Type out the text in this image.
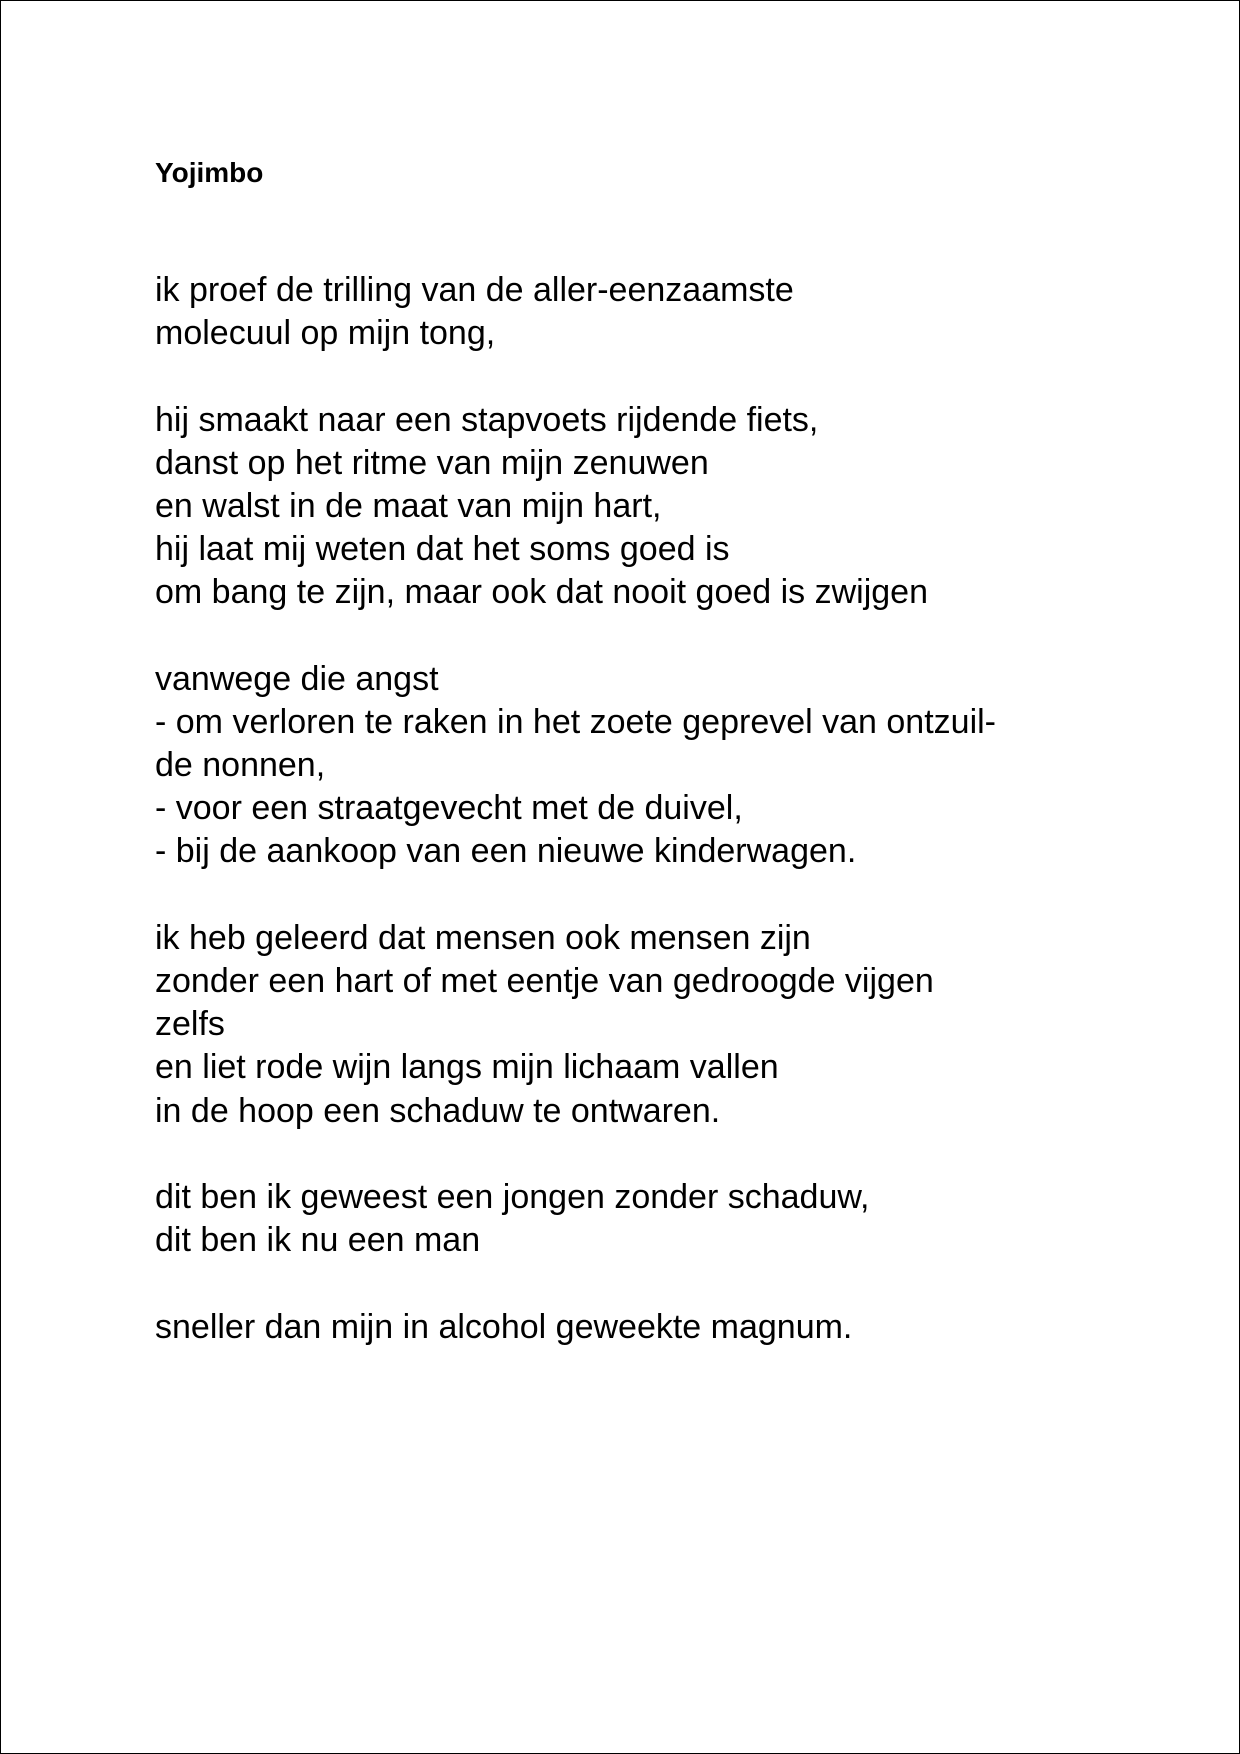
Yojimbo
ik proef de trilling van de aller-eenzaamste
molecuul op mijn tong,
hij smaakt naar een stapvoets rijdende fiets,
danst op het ritme van mijn zenuwen
en walst in de maat van mijn hart,
hij laat mij weten dat het soms goed is
om bang te zijn, maar ook dat nooit goed is zwijgen
vanwege die angst
- om verloren te raken in het zoete geprevel van ontzuil-
de nonnen,
- voor een straatgevecht met de duivel,
- bij de aankoop van een nieuwe kinderwagen.
ik heb geleerd dat mensen ook mensen zijn
zonder een hart of met eentje van gedroogde vijgen
zelfs
en liet rode wijn langs mijn lichaam vallen
in de hoop een schaduw te ontwaren.
dit ben ik geweest een jongen zonder schaduw,
dit ben ik nu een man
sneller dan mijn in alcohol geweekte magnum.
